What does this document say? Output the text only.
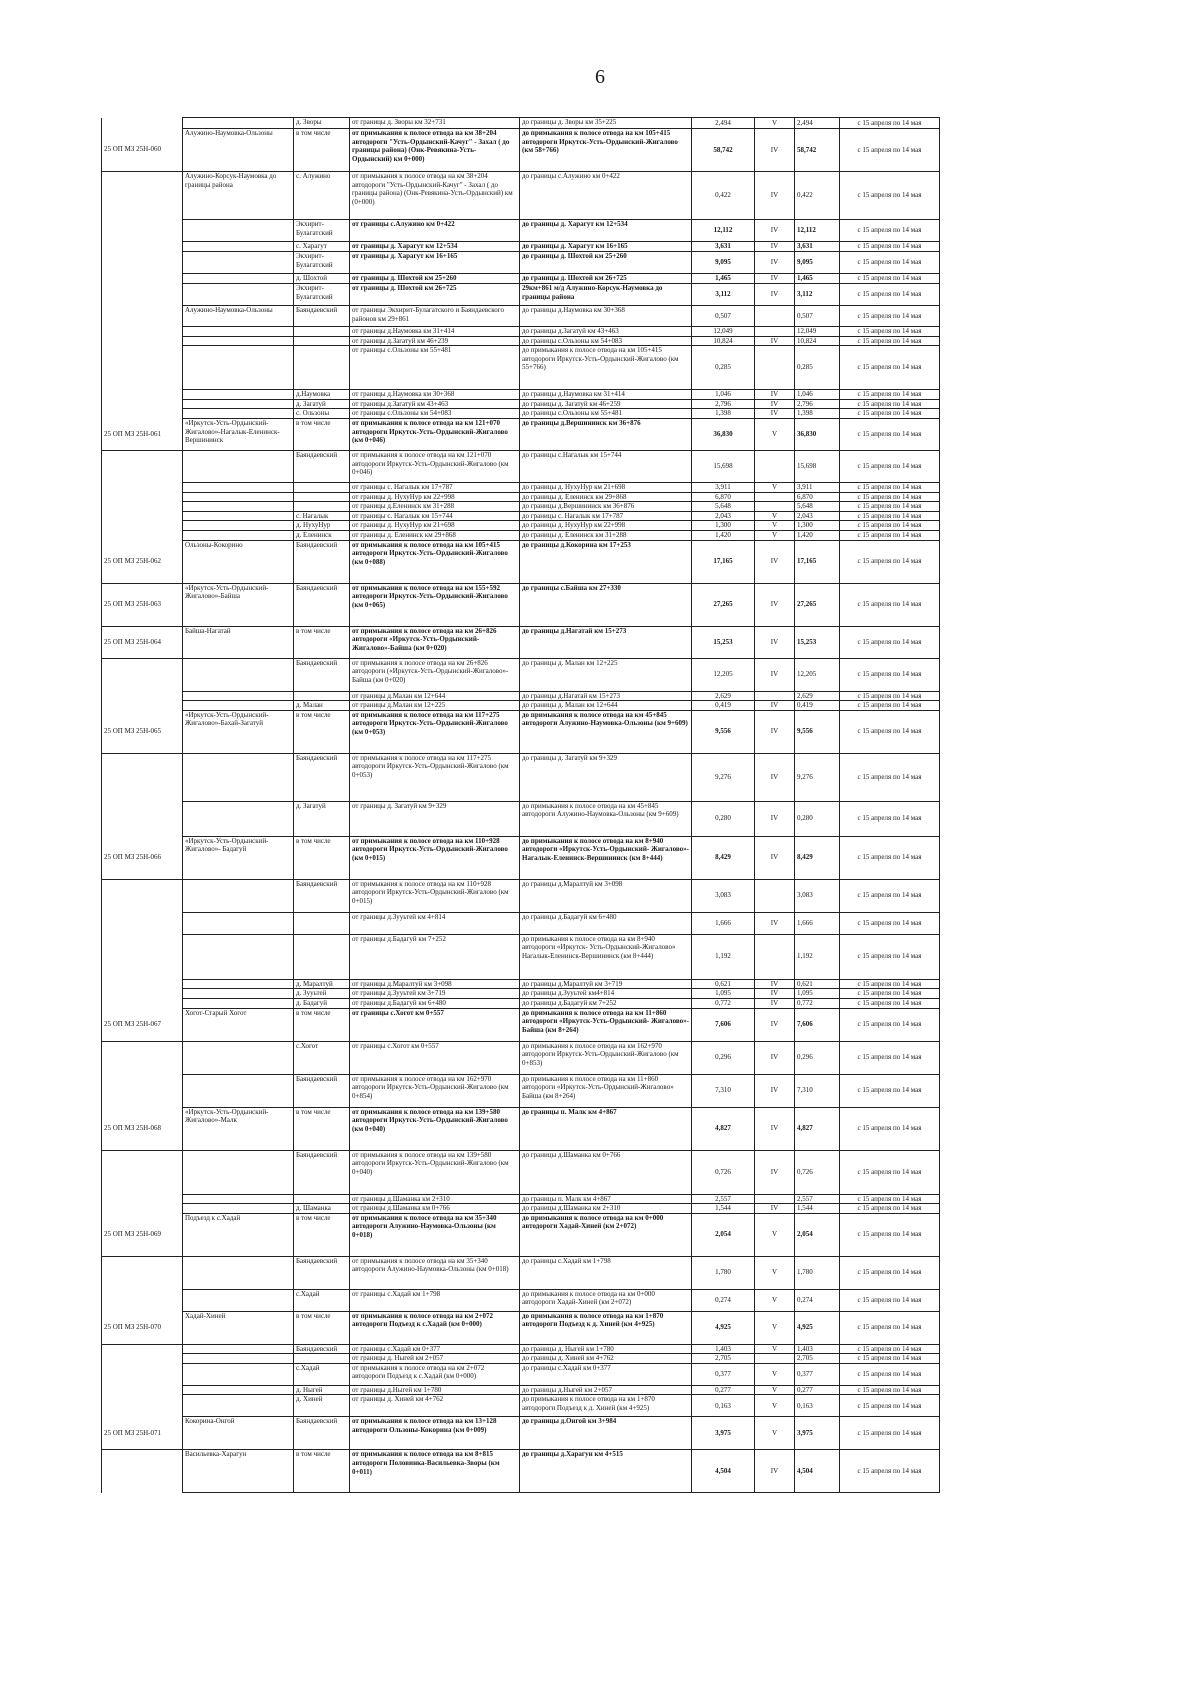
6
		д. Зворы	от границы д. Зворы км 32+731	до границы д. Зворы км 35+225	2,494	V	2,494	с 15 апреля по 14 мая
25 ОП МЗ 25Н-060	Алужино-Наумовка-Ользоны	в том числе	от примыкания к полосе отвода на км 38+204 автодороги "Усть-Ордынский-Качуг" - Захал ( до границы района) (Онк-Ревякина-Усть- Ордынский) км 0+000)	до примыкания к полосе отвода на км 105+415 автодороги Иркутск-Усть-Ордынский-Жигалово (км 58+766)	58,742	IV	58,742	с 15 апреля по 14 мая
	Алужино-Корсук-Наумовка до границы района	с. Алужино	от примыкания к полосе отвода на км 38+204 автодороги "Усть-Ордынский-Качуг" - Захал ( до границы района) (Онк-Ревякина-Усть-Ордынский) км (0+000)	до границы с.Алужино км 0+422	0,422	IV	0,422	с 15 апреля по 14 мая
		Экхирит-Булагатский	от границы с.Алужино км 0+422	до границы д. Харагут км 12+534	12,112	IV	12,112	с 15 апреля по 14 мая
		с. Харагут	от границы д. Харагут км 12+534	до границы д. Харагут км 16+165	3,631	IV	3,631	с 15 апреля по 14 мая
		Экхирит-Булагатский	от границы д. Харагут км 16+165	до границы д. Шохтой км 25+260	9,095	IV	9,095	с 15 апреля по 14 мая
		д. Шохтой	от границы д. Шохтой км 25+260	до границы д. Шохтой км 26+725	1,465	IV	1,465	с 15 апреля по 14 мая
		Экхирит-Булагатский	от границы д. Шохтой км 26+725	29км+861 м/д Алужино-Корсук-Наумовка до границы района	3,112	IV	3,112	с 15 апреля по 14 мая
	Алужино-Наумовка-Ользоны	Баяндаевский	от границы Экхирит-Булагатского и Баяндаевского районов км 29+861	до границы д.Наумовка км 30+368	0,507		0,507	с 15 апреля по 14 мая
			от границы д.Наумовка км 31+414	до границы д.Загатуй км 43+463	12,049		12,049	с 15 апреля по 14 мая
			от границы д.Загатуй км 46+239	до границы с.Ользоны км 54+083	10,824	IV	10,824	с 15 апреля по 14 мая
			от границы с.Ользоны км 55+481	до примыкания к полосе отвода на км 105+415 автодороги Иркутск-Усть-Ордынский-Жигалово (км 55+766)	0,285		0,285	с 15 апреля по 14 мая
		д.Наумовка	от границы д.Наумовка км 30+368	до границы д.Наумовка км 31+414	1,046	IV	1,046	с 15 апреля по 14 мая
		д. Загатуй	от границы д.Загатуй км 43+463	до границы д. Загатуй км 46+259	2,796	IV	2,796	с 15 апреля по 14 мая
		с. Ользоны	от границы с.Ользоны км 54+083	до границы с.Ользоны км 55+481	1,398	IV	1,398	с 15 апреля по 14 мая
25 ОП МЗ 25Н-061	«Иркутск-Усть-Ордынский-Жигалово»-Нагалык-Еленинск-Вершининск	в том числе	от примыкания к полосе отвода на км 121+070 автодороги Иркутск-Усть-Ордынский-Жигалово (км 0+046)	до границы д.Вершининск км 36+876	36,830	V	36,830	с 15 апреля по 14 мая
		Баяндаевский	от примыкания к полосе отвода на км 121+070 автодороги Иркутск-Усть-Ордынский-Жигалово (км 0+046)	до границы с.Нагалык км 15+744	15,698		15,698	с 15 апреля по 14 мая
			от границы с. Нагалык км 17+787	до границы д. НухуНур км 21+698	3,911	V	3,911	с 15 апреля по 14 мая
			от границы д. НухуНур км 22+998	до границы д. Еленинск км 29+868	6,870		6,870	с 15 апреля по 14 мая
			от границы д.Еленинск км 31+288	до границы д.Вершининск км 36+876	5,648		5,648	с 15 апреля по 14 мая
		с. Нагалык	от границы с. Нагалык км 15+744	до границы с. Нагалык км 17+787	2,043	V	2,043	с 15 апреля по 14 мая
		д. НухуНур	от границы д. НухуНур км 21+698	до границы д. НухуНур км 22+998	1,300	V	1,300	с 15 апреля по 14 мая
		д. Еленинск	от границы д. Еленинск км 29+868	до границы д. Еленинск км 31+288	1,420	V	1,420	с 15 апреля по 14 мая
25 ОП МЗ 25Н-062	Ользоны-Кокорино	Баяндаевский	от примыкания к полосе отвода на км 105+415 автодороги Иркутск-Усть-Ордынский-Жигалово (км 0+088)	до границы д.Кокорина км 17+253	17,165	IV	17,165	с 15 апреля по 14 мая
25 ОП МЗ 25Н-063	«Иркутск-Усть-Ордынский-Жигалово»-Байша	Баяндаевский	от примыкания к полосе отвода на км 155+592 автодороги Иркутск-Усть-Ордынский-Жигалово (км 0+065)	до границы с.Байша км 27+330	27,265	IV	27,265	с 15 апреля по 14 мая
25 ОП МЗ 25Н-064	Байша-Нагатай	в том числе	от примыкания к полосе отвода на км 26+826 автодороги «Иркутск-Усть-Ордынский- Жигалово»-Байша (км 0+020)	до границы д.Нагатай км 15+273	15,253	IV	15,253	с 15 апреля по 14 мая
		Баяндаевский	от примыкания к полосе отвода на км 26+826 автодороги («Иркутск-Усть-Ордынский-Жигалово»- Байша (км 0+020)	до границы д. Малан км 12+225	12,205	IV	12,205	с 15 апреля по 14 мая
			от границы д.Малан км 12+644	до границы д.Нагатай км 15+273	2,629		2,629	с 15 апреля по 14 мая
		д. Малан	от границы д.Малан км 12+225	до границы д. Малан км 12+644	0,419	IV	0,419	с 15 апреля по 14 мая
25 ОП МЗ 25Н-065	«Иркутск-Усть-Ордынский-Жигалово»-Бахай-Загатуй	в том числе	от примыкания к полосе отвода на км 117+275 автодороги Иркутск-Усть-Ордынский-Жигалово (км 0+053)	до примыкания к полосе отвода на км 45+845 автодороги Алужино-Наумовка-Ользоны (км 9+609)	9,556	IV	9,556	с 15 апреля по 14 мая
		Баяндаевский	от примыкания к полосе отвода на км 117+275 автодороги Иркутск-Усть-Ордынский-Жигалово (км 0+053)	до границы д. Загатуй км 9+329	9,276	IV	9,276	с 15 апреля по 14 мая
		д. Загатуй	от границы д. Загатуй км 9+329	до примыкания к полосе отвода на км 45+845 автодороги Алужино-Наумовка-Ользоны (км 9+609)	0,280	IV	0,280	с 15 апреля по 14 мая
25 ОП МЗ 25Н-066	«Иркутск-Усть-Ордынский-Жигалово»- Бадагуй	в том числе	от примыкания к полосе отвода на км 110+928 автодороги Иркутск-Усть-Ордынский-Жигалово (км 0+015)	до примыкания к полосе отвода на км 8+940 автодороги «Иркутск-Усть-Ордынский- Жигалово»- Нагалык-Еленинск-Вершининск (км 8+444)	8,429	IV	8,429	с 15 апреля по 14 мая
		Баяндаевский	от примыкания к полосе отвода на км 110+928 автодороги Иркутск-Усть-Ордынский-Жигалово (км 0+015)	до границы д.Маралтуй км 3+098	3,083		3,083	с 15 апреля по 14 мая
			от границы д.Зууьтей км 4+814	до границы д.Бадагуй км 6+480	1,666	IV	1,666	с 15 апреля по 14 мая
			от границы д.Бадагуй км 7+252	до примыкания к полосе отвода на км 8+940 автодороги «Иркутск- Усть-Ордынский-Жигалово» Нагалык-Еленинск-Вершининск (км 8+444)	1,192		1,192	с 15 апреля по 14 мая
		д. Маралтуй	от границы д.Маралтуй км 3+098	до границы д.Маралтуй км 3+719	0,621	IV	0,621	с 15 апреля по 14 мая
		д. Зууьтей	от границы д.Зууьтей км 3+719	до границы д.Зууьтей км4+814	1,095	IV	1,095	с 15 апреля по 14 мая
		д. Бадагуй	от границы д.Бадагуй км 6+480	до границы д.Бадагуй км 7+252	0,772	IV	0,772	с 15 апреля по 14 мая
25 ОП МЗ 25Н-067	Хогот-Старый Хогот	в том числе	от границы с.Хогот км 0+557	до примыкания к полосе отвода на км 11+860 автодороги «Иркутск-Усть-Ордынский- Жигалово»-Байша (км 8+264)	7,606	IV	7,606	с 15 апреля по 14 мая
		с.Хогот	от границы с.Хогот км 0+557	до примыкания к полосе отвода на км 162+970 автодороги Иркутск-Усть-Ордынский-Жигалово (км 0+853)	0,296	IV	0,296	с 15 апреля по 14 мая
		Баяндаевский	от примыкания к полосе отвода на км 162+970 автодороги Иркутск-Усть-Ордынский-Жигалово (км 0+854)	до примыкания к полосе отвода на км 11+860 автодороги «Иркутск-Усть-Ордынский-Жигалово» Байша (км 8+264)	7,310	IV	7,310	с 15 апреля по 14 мая
25 ОП МЗ 25Н-068	«Иркутск-Усть-Ордынский-Жигалово»-Малк	в том числе	от примыкания к полосе отвода на км 139+580 автодороги Иркутск-Усть-Ордынский-Жигалово (км 0+040)	до границы п. Малк км 4+867	4,827	IV	4,827	с 15 апреля по 14 мая
		Баяндаевский	от примыкания к полосе отвода на км 139+580 автодороги Иркутск-Усть-Ордынский-Жигалово (км 0+040)	до границы д.Шаманка км 0+766	0,726	IV	0,726	с 15 апреля по 14 мая
			от границы д.Шаманка км 2+310	до границы п. Малк км 4+867	2,557		2,557	с 15 апреля по 14 мая
		д. Шаманка	от границы д.Шаманка км 0+766	до границы д.Шаманка км 2+310	1,544	IV	1,544	с 15 апреля по 14 мая
25 ОП МЗ 25Н-069	Подъезд к с.Хадай	в том числе	от примыкания к полосе отвода на км 35+340 автодороги Алужино-Наумовка-Ользоны (км 0+018)	до примыкания к полосе отвода на км 0+000 автодороги Хадай-Хиней (км 2+072)	2,054	V	2,054	с 15 апреля по 14 мая
		Баяндаевский	от примыкания к полосе отвода на км 35+340 автодороги Алужино-Наумовка-Ользоны (км 0+018)	до границы с.Хадай км 1+798	1,780	V	1,780	с 15 апреля по 14 мая
		с.Хадай	от границы с.Хадай км 1+798	до примыкания к полосе отвода на км 0+000 автодороги Хадай-Хиней (км 2+072)	0,274	V	0,274	с 15 апреля по 14 мая
25 ОП МЗ 25Н-070	Хадай-Хиней	в том числе	от примыкания к полосе отвода на км 2+072 автодороги Подъезд к с.Хадай (км 0+000)	до примыкания к полосе отвода на км 1+870 автодороги Подъезд к д. Хиней (км 4+925)	4,925	V	4,925	с 15 апреля по 14 мая
		Баяндаевский	от границы с.Хадай км 0+377	до границы д. Ныгей км 1+780	1,403	V	1,403	с 15 апреля по 14 мая
			от границы д. Ныгей км 2+057	до границы д. Хиней км 4+762	2,705		2,705	с 15 апреля по 14 мая
		с.Хадай	от примыкания к полосе отвода на км 2+072 автодороги Подъезд к с.Хадай (км 0+000)	до границы с.Хадай км 0+377	0,377	V	0,377	с 15 апреля по 14 мая
		д. Ныгей	от границы д.Ныгей км 1+780	до границы д.Ныгей км 2+057	0,277	V	0,277	с 15 апреля по 14 мая
		д. Хиней	от границы д. Хиней км 4+762	до примыкания к полосе отвода на км 1+870 автодороги Подъезд к д. Хиней (км 4+925)	0,163	V	0,163	с 15 апреля по 14 мая
25 ОП МЗ 25Н-071	Кокорина-Онгой	Баяндаевский	от примыкания к полосе отвода на км 13+128 автодороги Ользоны-Кокорина (км 0+009)	до границы д.Онгой км 3+984	3,975	V	3,975	с 15 апреля по 14 мая
	Васильевка-Харагун	в том числе	от примыкания к полосе отвода на км 8+815 автодороги Половинка-Васильевка-Зворы (км 0+011)	до границы д.Харагун км 4+515	4,504	IV	4,504	с 15 апреля по 14 мая
